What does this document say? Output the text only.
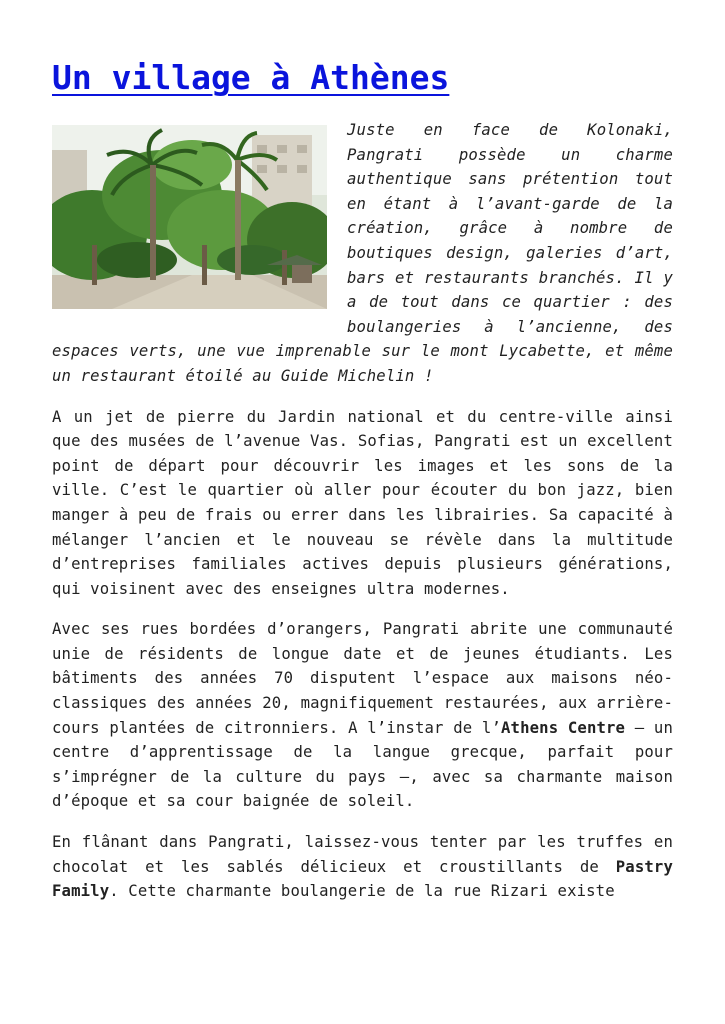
Un village à Athènes

Juste en face de Kolonaki, Pangrati possède un charme authentique sans prétention tout en étant à l’avant-garde de la création, grâce à nombre de boutiques design, galeries d’art, bars et restaurants branchés. Il y a de tout dans ce quartier : des boulangeries à l’ancienne, des espaces verts, une vue imprenable sur le mont Lycabette, et même un restaurant étoilé au Guide Michelin !

A un jet de pierre du Jardin national et du centre-ville ainsi que des musées de l’avenue Vas. Sofias, Pangrati est un excellent point de départ pour découvrir les images et les sons de la ville. C’est le quartier où aller pour écouter du bon jazz, bien manger à peu de frais ou errer dans les librairies. Sa capacité à mélanger l’ancien et le nouveau se révèle dans la multitude d’entreprises familiales actives depuis plusieurs générations, qui voisinent avec des enseignes ultra modernes.

Avec ses rues bordées d’orangers, Pangrati abrite une communauté unie de résidents de longue date et de jeunes étudiants. Les bâtiments des années 70 disputent l’espace aux maisons néo-classiques des années 20, magnifiquement restaurées, aux arrière-cours plantées de citronniers. A l’instar de l’Athens Centre – un centre d’apprentissage de la langue grecque, parfait pour s’imprégner de la culture du pays –, avec sa charmante maison d’époque et sa cour baignée de soleil.

En flânant dans Pangrati, laissez-vous tenter par les truffes en chocolat et les sablés délicieux et croustillants de Pastry Family. Cette charmante boulangerie de la rue Rizari existe
